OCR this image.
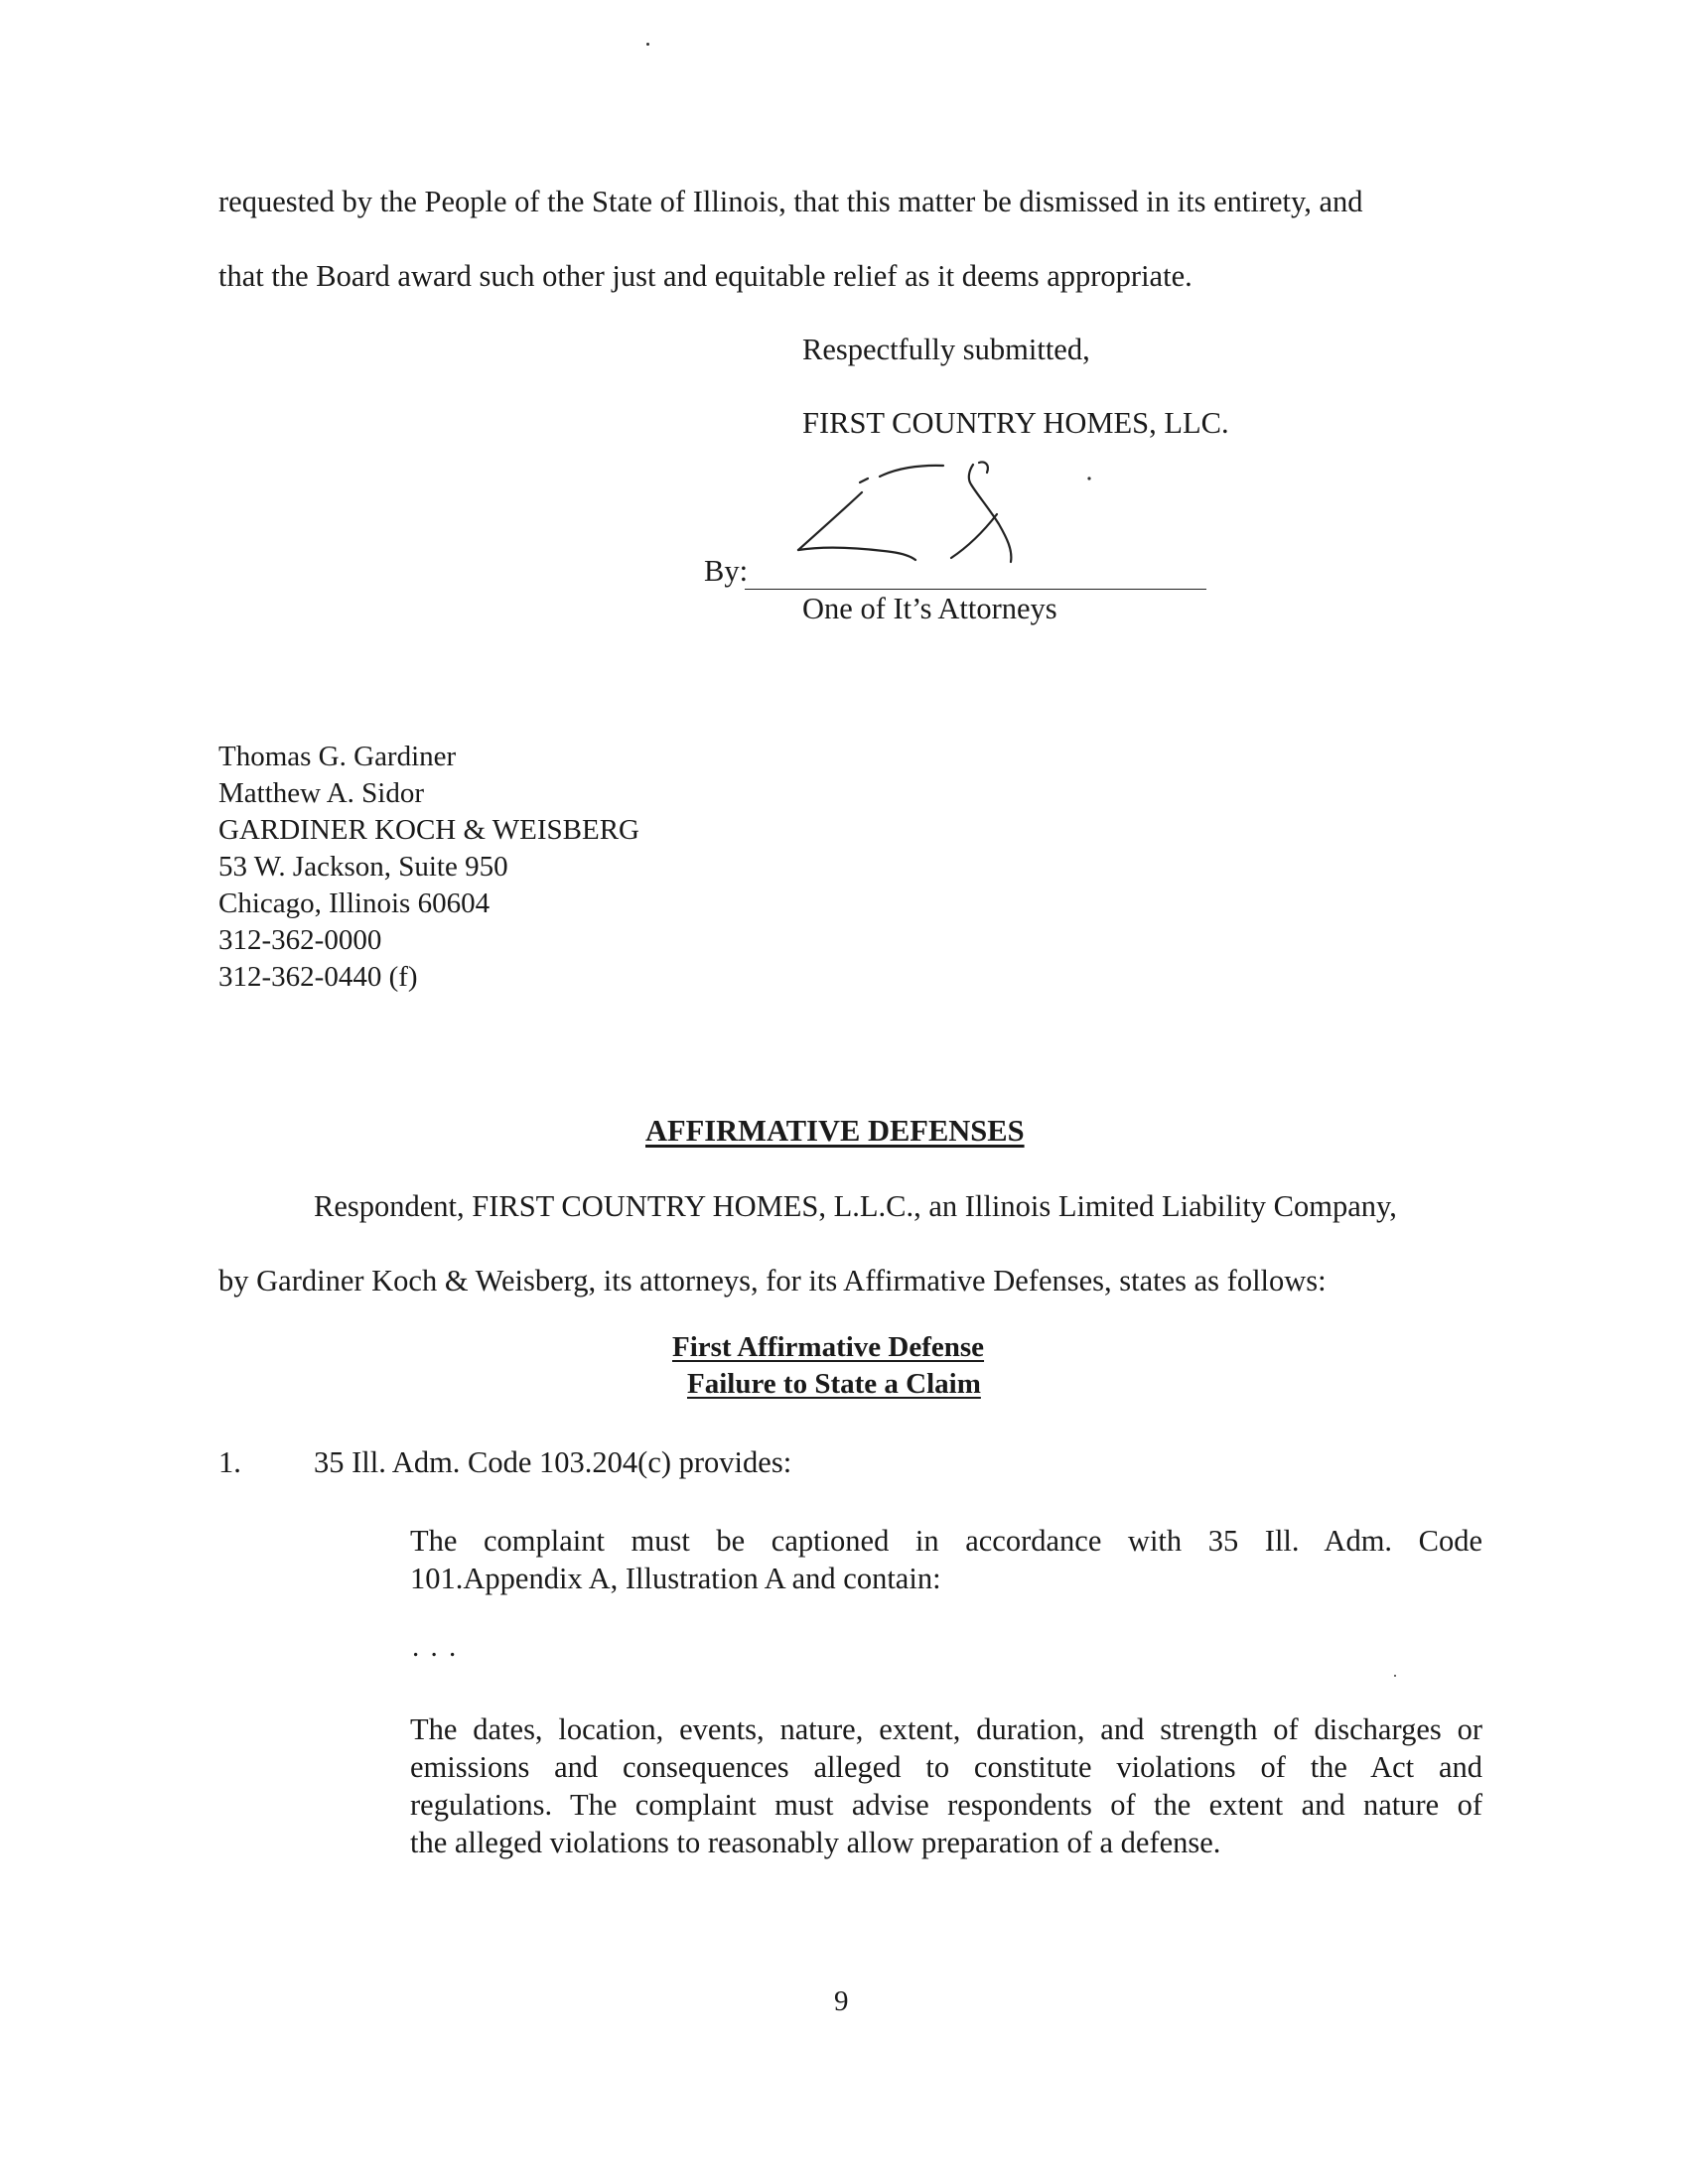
requested by the People of the State of Illinois, that this matter be dismissed in its entirety, and
that the Board award such other just and equitable relief as it deems appropriate.
Respectfully submitted,
FIRST COUNTRY HOMES, LLC.
By:
One of It’s Attorneys
Thomas G. Gardiner
Matthew A. Sidor
GARDINER KOCH & WEISBERG
53 W. Jackson, Suite 950
Chicago, Illinois 60604
312-362-0000
312-362-0440 (f)
AFFIRMATIVE DEFENSES
Respondent, FIRST COUNTRY HOMES, L.L.C., an Illinois Limited Liability Company,
by Gardiner Koch & Weisberg, its attorneys, for its Affirmative Defenses, states as follows:
First Affirmative Defense
Failure to State a Claim
1. 35 Ill. Adm. Code 103.204(c) provides:
The complaint must be captioned in accordance with 35 Ill. Adm. Code
101.Appendix A, Illustration A and contain:
. . .
The dates, location, events, nature, extent, duration, and strength of discharges or
emissions and consequences alleged to constitute violations of the Act and
regulations. The complaint must advise respondents of the extent and nature of
the alleged violations to reasonably allow preparation of a defense.
9
